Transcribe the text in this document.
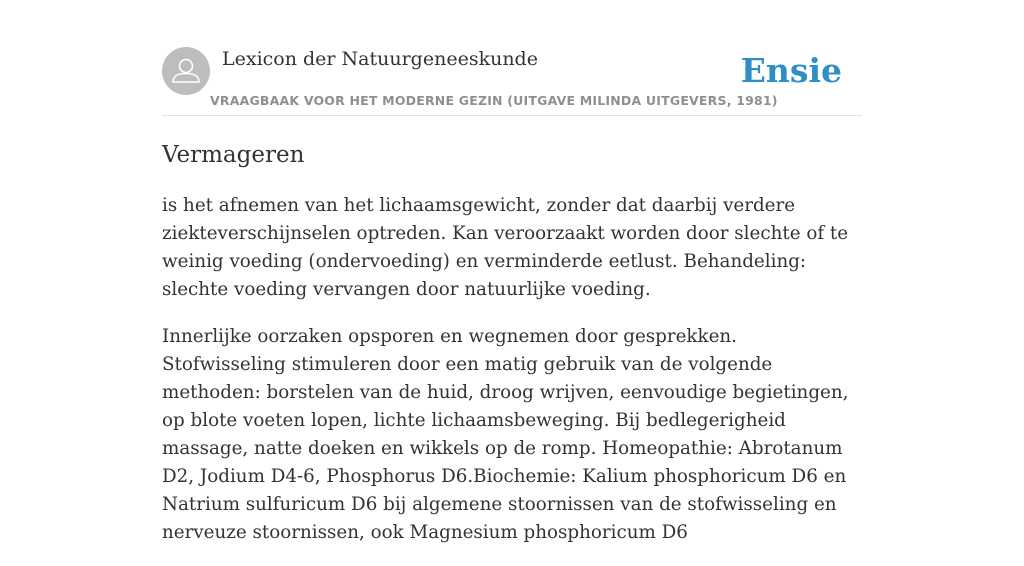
Lexicon der Natuurgeneeskunde
VRAAGBAAK VOOR HET MODERNE GEZIN (UITGAVE MILINDA UITGEVERS, 1981)
Ensie
Vermageren

is het afnemen van het lichaamsgewicht, zonder dat daarbij verdere ziekteverschijnselen optreden. Kan veroorzaakt worden door slechte of te weinig voeding (ondervoeding) en verminderde eetlust. Behandeling: slechte voeding vervangen door natuurlijke voeding.

Innerlijke oorzaken opsporen en wegnemen door gesprekken. Stofwisseling stimuleren door een matig gebruik van de volgende methoden: borstelen van de huid, droog wrijven, eenvoudige begietingen, op blote voeten lopen, lichte lichaamsbeweging. Bij bedlegerigheid massage, natte doeken en wikkels op de romp. Homeopathie: Abrotanum D2, Jodium D4-6, Phosphorus D6.Biochemie: Kalium phosphoricum D6 en Natrium sulfuricum D6 bij algemene stoornissen van de stofwisseling en nerveuze stoornissen, ook Magnesium phosphoricum D6
